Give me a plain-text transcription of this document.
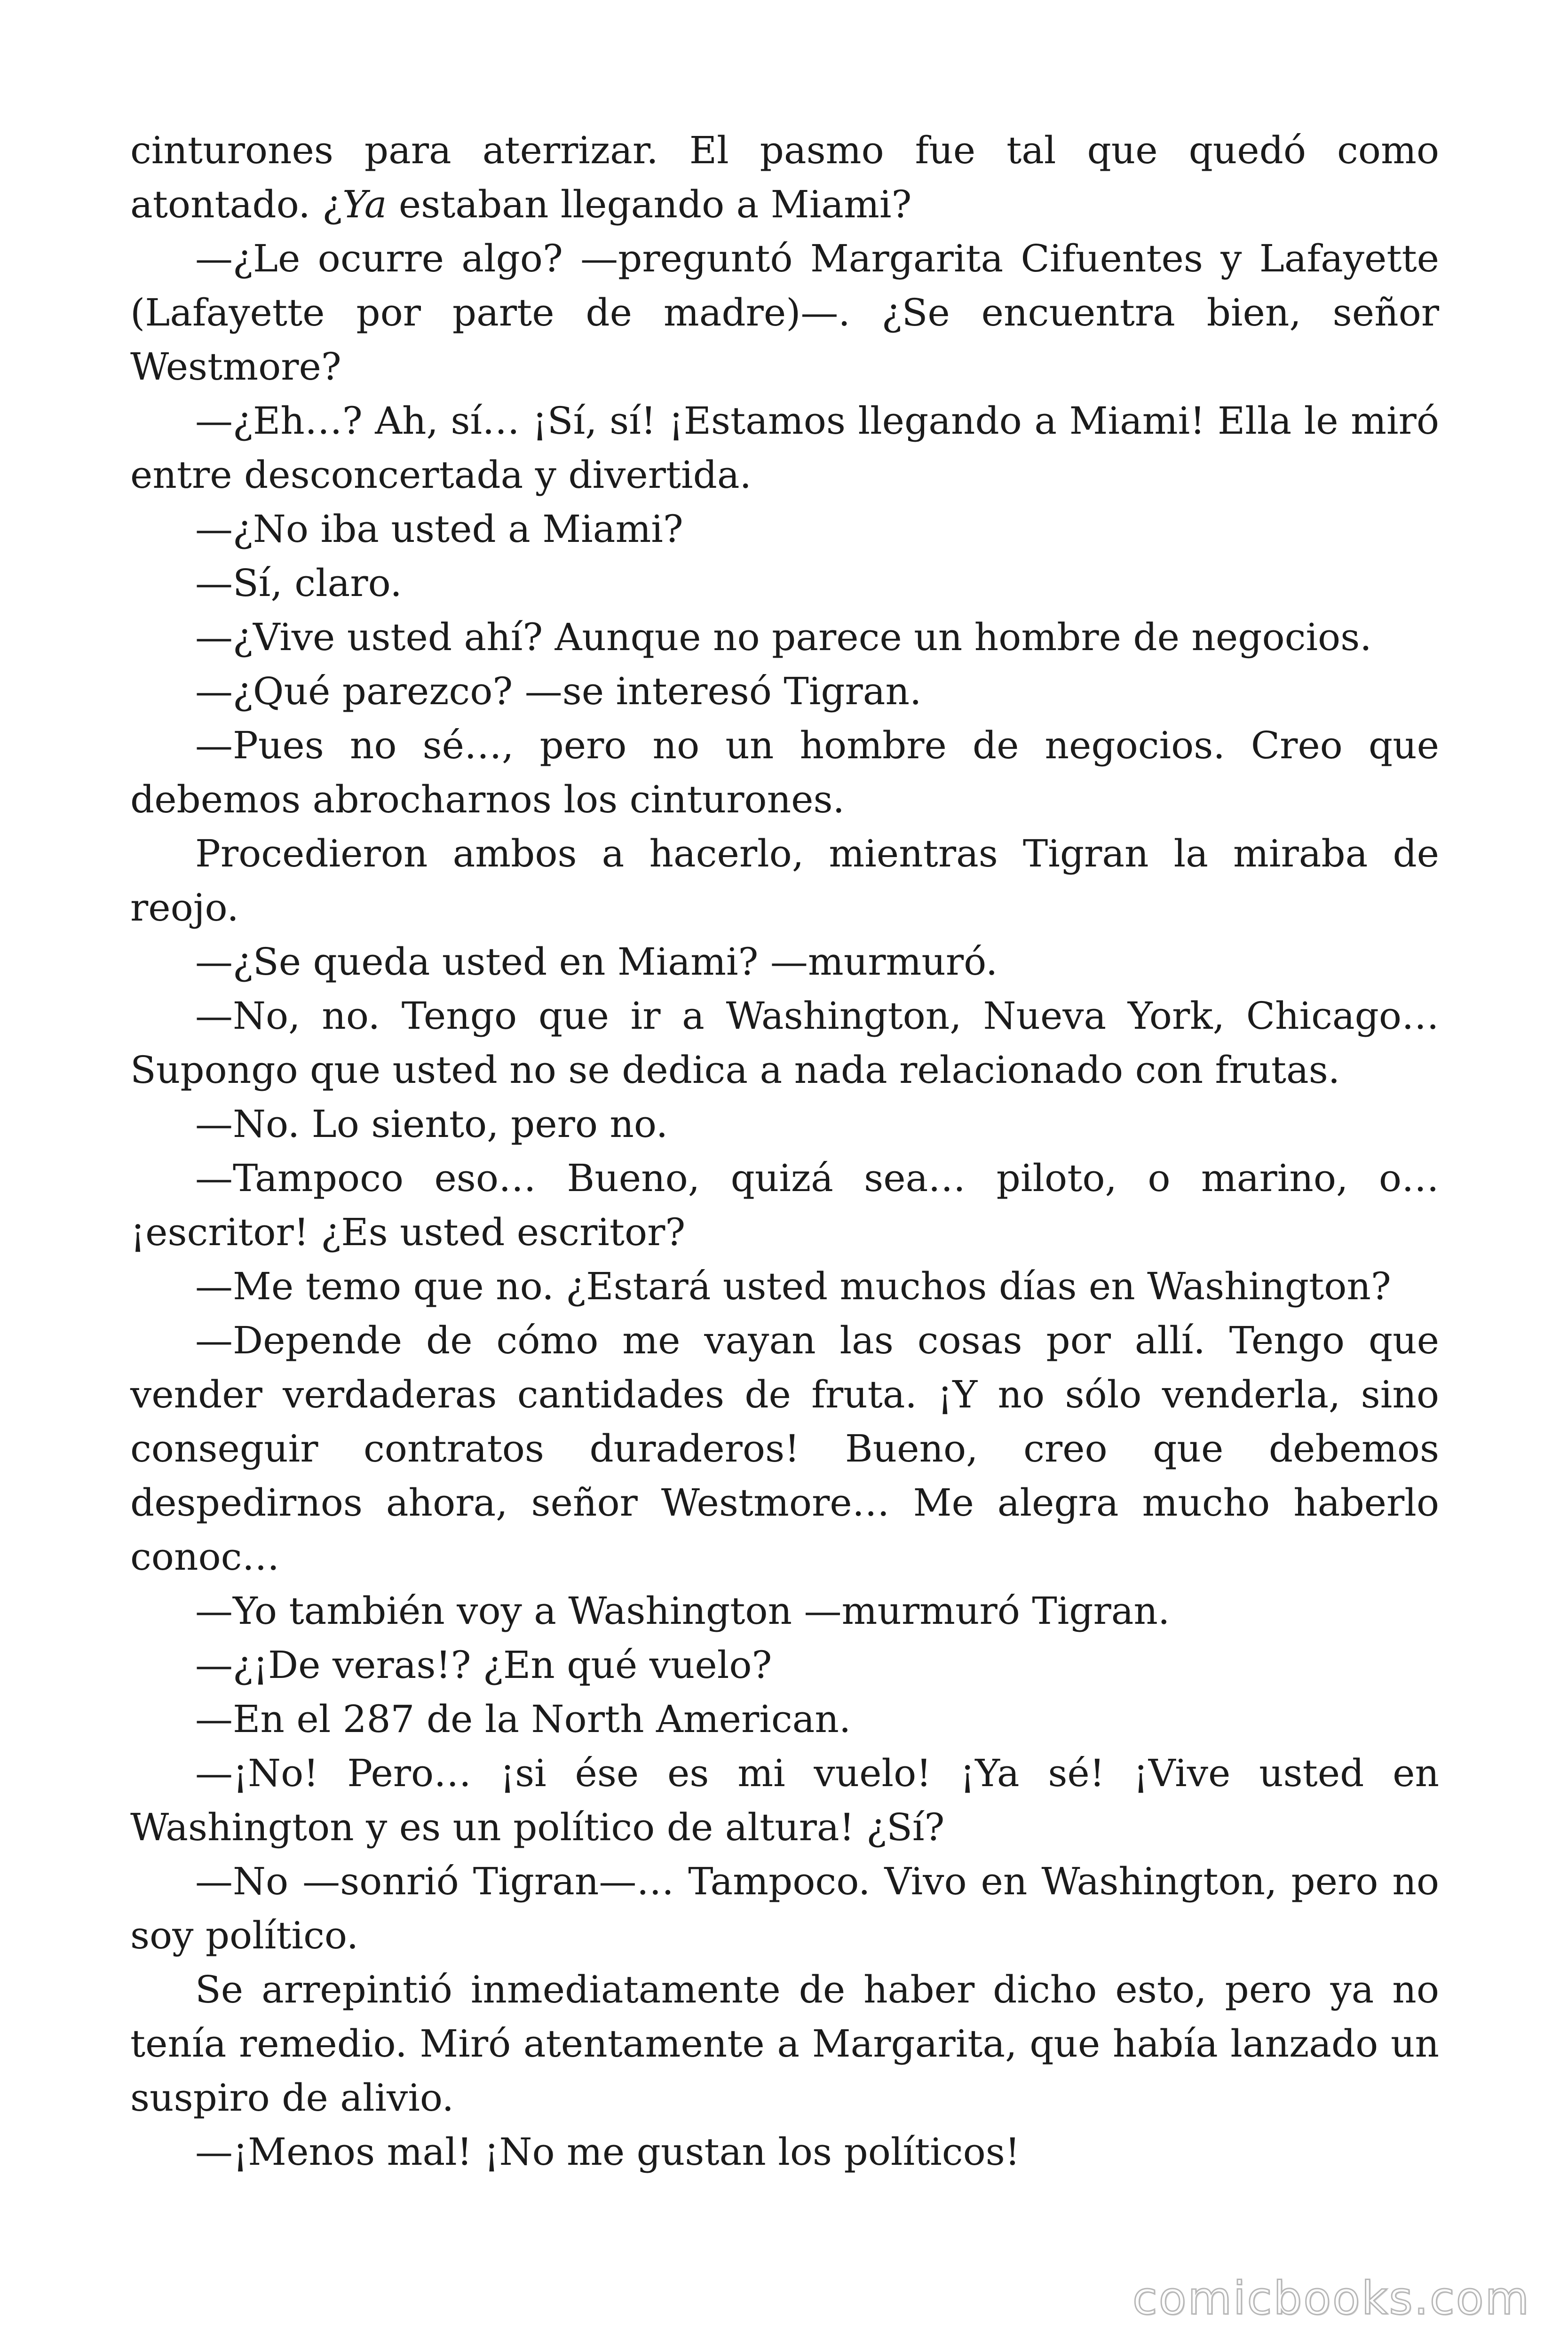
cinturones para aterrizar. El pasmo fue tal que quedó como atontado. ¿Ya estaban llegando a Miami?

—¿Le ocurre algo? —preguntó Margarita Cifuentes y Lafayette (Lafayette por parte de madre)—. ¿Se encuentra bien, señor Westmore?

—¿Eh…? Ah, sí… ¡Sí, sí! ¡Estamos llegando a Miami! Ella le miró entre desconcertada y divertida.

—¿No iba usted a Miami?

—Sí, claro.

—¿Vive usted ahí? Aunque no parece un hombre de negocios.

—¿Qué parezco? —se interesó Tigran.

—Pues no sé…, pero no un hombre de negocios. Creo que debemos abrocharnos los cinturones.

Procedieron ambos a hacerlo, mientras Tigran la miraba de reojo.

—¿Se queda usted en Miami? —murmuró.

—No, no. Tengo que ir a Washington, Nueva York, Chicago… Supongo que usted no se dedica a nada relacionado con frutas.

—No. Lo siento, pero no.

—Tampoco eso… Bueno, quizá sea… piloto, o marino, o… ¡escritor! ¿Es usted escritor?

—Me temo que no. ¿Estará usted muchos días en Washington?

—Depende de cómo me vayan las cosas por allí. Tengo que vender verdaderas cantidades de fruta. ¡Y no sólo venderla, sino conseguir contratos duraderos! Bueno, creo que debemos despedirnos ahora, señor Westmore… Me alegra mucho haberlo conoc…

—Yo también voy a Washington —murmuró Tigran.

—¿¡De veras!? ¿En qué vuelo?

—En el 287 de la North American.

—¡No! Pero… ¡si ése es mi vuelo! ¡Ya sé! ¡Vive usted en Washington y es un político de altura! ¿Sí?

—No —sonrió Tigran—… Tampoco. Vivo en Washington, pero no soy político.

Se arrepintió inmediatamente de haber dicho esto, pero ya no tenía remedio. Miró atentamente a Margarita, que había lanzado un suspiro de alivio.

—¡Menos mal! ¡No me gustan los políticos!

comicbooks.com
